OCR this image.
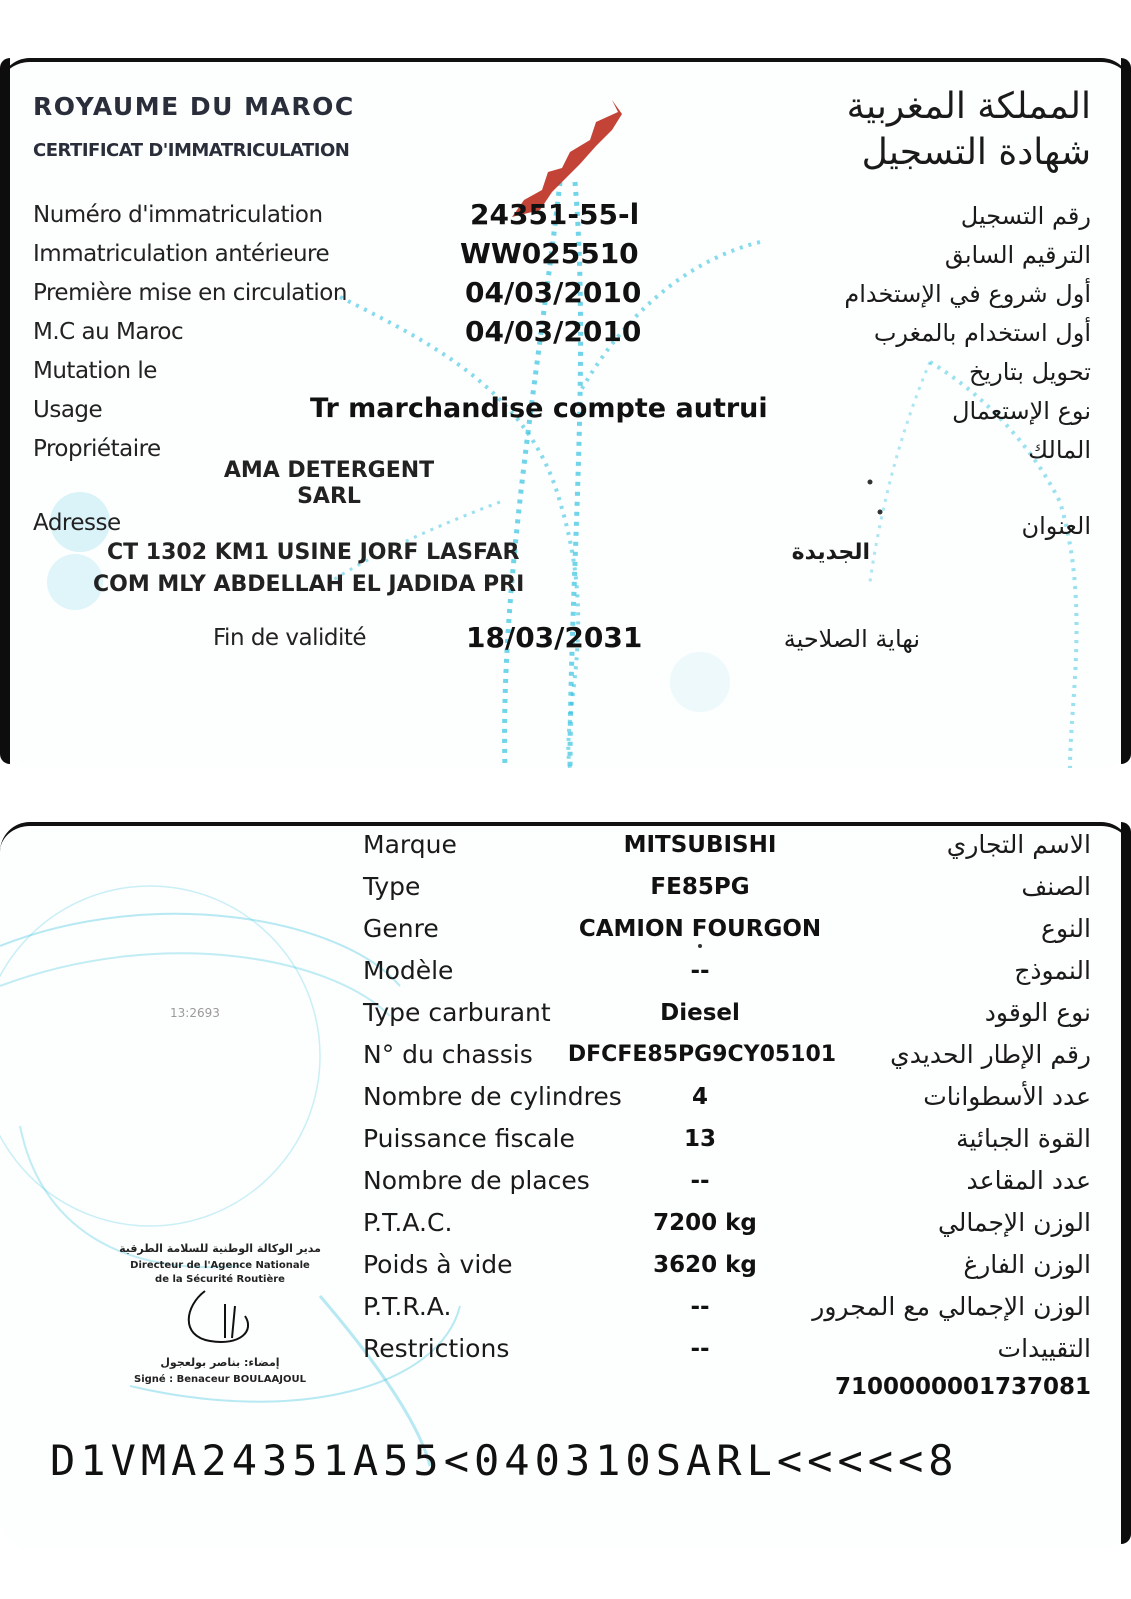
ROYAUME DU MAROC
CERTIFICAT D'IMMATRICULATION
المملكة المغربية
شهادة التسجيل
Numéro d'immatriculation	24351-ا-55	رقم التسجيل
Immatriculation antérieure	WW025510	الترقيم السابق
Première mise en circulation	04/03/2010	أول شروع في الإستخدام
M.C au Maroc	04/03/2010	أول استخدام بالمغرب
Mutation le	تحويل بتاريخ
Usage	Tr marchandise compte autrui	نوع الإستعمال
Propriétaire	المالك
AMA DETERGENT
SARL
Adresse	العنوان
CT 1302 KM1 USINE JORF LASFAR
COM MLY ABDELLAH EL JADIDA PRI
الجديدة
Fin de validité	18/03/2031	نهاية الصلاحية
13:2693
مدير الوكالة الوطنية للسلامة الطرقية
Directeur de l'Agence Nationale
de la Sécurité Routière
إمضاء: بناصر بولعجول
Signé : Benaceur BOULAAJOUL
Marque	MITSUBISHI	الاسم التجاري
Type	FE85PG	الصنف
Genre	CAMION FOURGON	النوع
Modèle	--	النموذج
Type carburant	Diesel	نوع الوقود
N° du chassis	DFCFE85PG9CY05101	رقم الإطار الحديدي
Nombre de cylindres	4	عدد الأسطوانات
Puissance fiscale	13	القوة الجبائية
Nombre de places	--	عدد المقاعد
P.T.A.C.	7200 kg	الوزن الإجمالي
Poids à vide	3620 kg	الوزن الفارغ
P.T.R.A.	--	الوزن الإجمالي مع المجرور
Restrictions	--	التقييدات
7100000001737081
D1VMA24351A55<040310SARL<<<<<8
